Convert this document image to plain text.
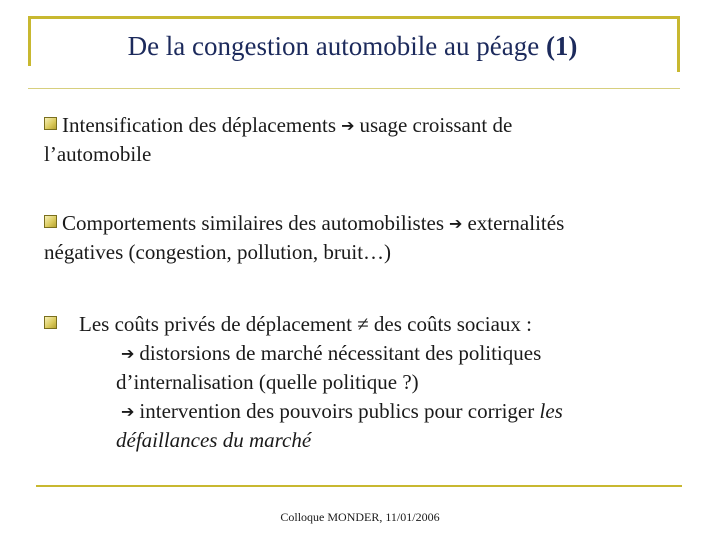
De la congestion automobile au péage (1)
Intensification des déplacements ➔ usage croissant de
l’automobile
Comportements similaires des automobilistes ➔ externalités
négatives (congestion, pollution, bruit…)
Les coûts privés de déplacement ≠ des coûts sociaux :
➔ distorsions de marché nécessitant des politiques
d’internalisation (quelle politique ?)
➔ intervention des pouvoirs publics pour corriger les
défaillances du marché
Colloque MONDER, 11/01/2006
